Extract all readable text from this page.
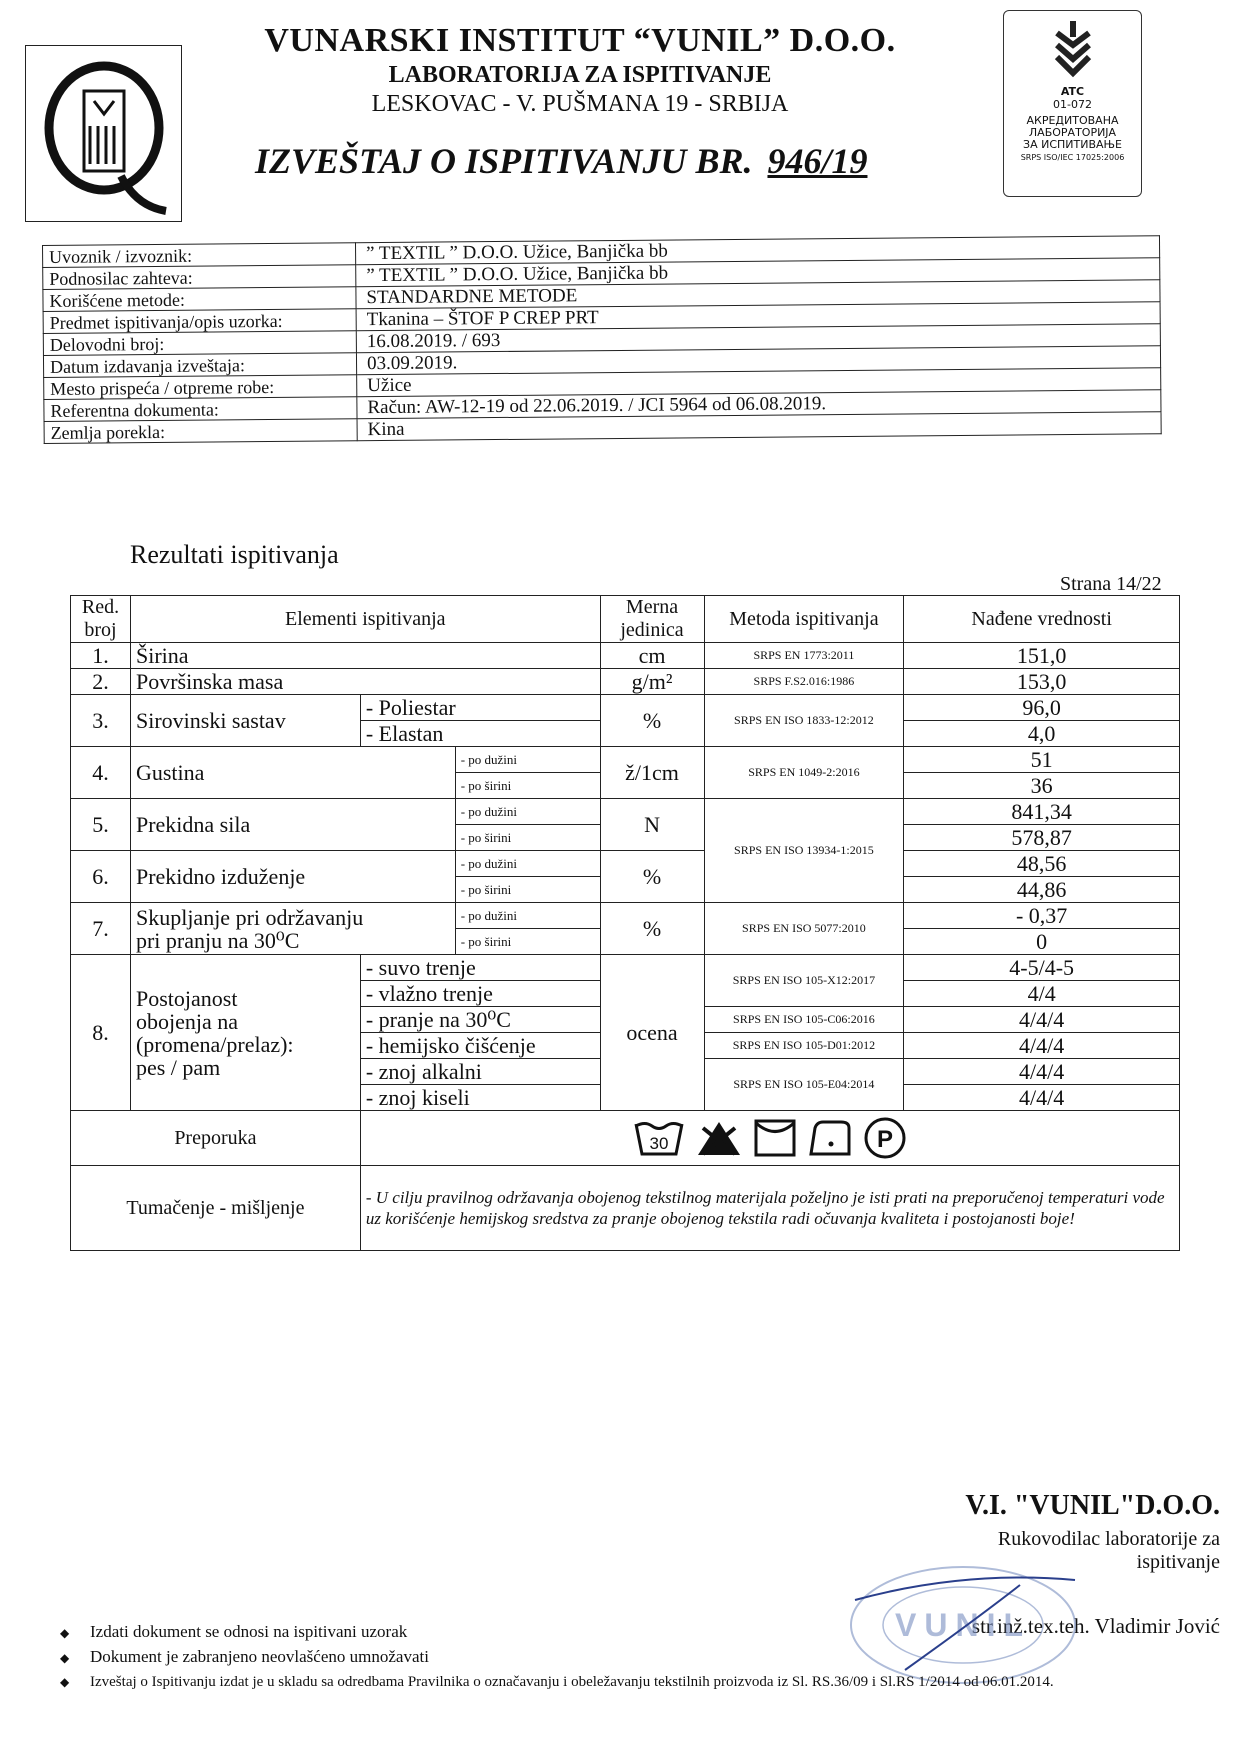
VUNARSKI INSTITUT “VUNIL” D.O.O.
LABORATORIJA ZA ISPITIVANJE
LESKOVAC - V. PUŠMANA 19 - SRBIJA
IZVEŠTAJ O ISPITIVANJU BR. 946/19
ATC
01-072
АКРЕДИТОВАНА
ЛАБОРАТОРИЈА
ЗА ИСПИТИВАЊЕ
SRPS ISO/IEC 17025:2006
Uvoznik / izvoznik:	” TEXTIL ” D.O.O. Užice, Banjička bb
Podnosilac zahteva:	” TEXTIL ” D.O.O. Užice, Banjička bb
Korišćene metode:	STANDARDNE METODE
Predmet ispitivanja/opis uzorka:	Tkanina – ŠTOF P CREP PRT
Delovodni broj:	16.08.2019. / 693
Datum izdavanja izveštaja:	03.09.2019.
Mesto prispeća / otpreme robe:	Užice
Referentna dokumenta:	Račun: AW-12-19 od 22.06.2019. / JCI 5964 od 06.08.2019.
Zemlja porekla:	Kina
Rezultati ispitivanja
Strana 14/22
Red. broj	Elementi ispitivanja			Merna jedinica	Metoda ispitivanja	Nađene vrednosti
1.	Širina			cm	SRPS EN 1773:2011	151,0
2.	Površinska masa			g/m²	SRPS F.S2.016:1986	153,0
3.	Sirovinski sastav	- Poliestar		%	SRPS EN ISO 1833-12:2012	96,0
		- Elastan				4,0
4.	Gustina		- po dužini	ž/1cm	SRPS EN 1049-2:2016	51
			- po širini			36
5.	Prekidna sila		- po dužini	N	SRPS EN ISO 13934-1:2015	841,34
			- po širini			578,87
6.	Prekidno izduženje		- po dužini	%		48,56
			- po širini			44,86
7.	Skupljanje pri održavanju
pri pranju na 30⁰C		- po dužini	%	SRPS EN ISO 5077:2010	- 0,37
			- po širini			0
8.	Postojanost
obojenja na
(promena/prelaz):
pes / pam	- suvo trenje		ocena	SRPS EN ISO 105-X12:2017	4-5/4-5
		- vlažno trenje				4/4
		- pranje na 30⁰C			SRPS EN ISO 105-C06:2016	4/4/4
		- hemijsko čišćenje			SRPS EN ISO 105-D01:2012	4/4/4
		- znoj alkalni			SRPS EN ISO 105-E04:2014	4/4/4
		- znoj kiseli				4/4/4
Preporuka		30 P				

Tumačenje - mišljenje		- U cilju pravilnog održavanja obojenog tekstilnog materijala poželjno je isti prati na preporučenoj temperaturi vode uz korišćenje hemijskog sredstva za pranje obojenog tekstila radi očuvanja kvaliteta i postojanosti boje!				
V.I. "VUNIL"D.O.O.
Rukovodilac laboratorije za ispitivanje
str.inž.tex.teh. Vladimir Jović
VUNIL
◆	Izdati dokument se odnosi na ispitivani uzorak
◆	Dokument je zabranjeno neovlašćeno umnožavati
◆	Izveštaj o Ispitivanju izdat je u skladu sa odredbama Pravilnika o označavanju i obeležavanju tekstilnih proizvoda iz Sl. RS.36/09 i Sl.RS 1/2014 od 06.01.2014.
